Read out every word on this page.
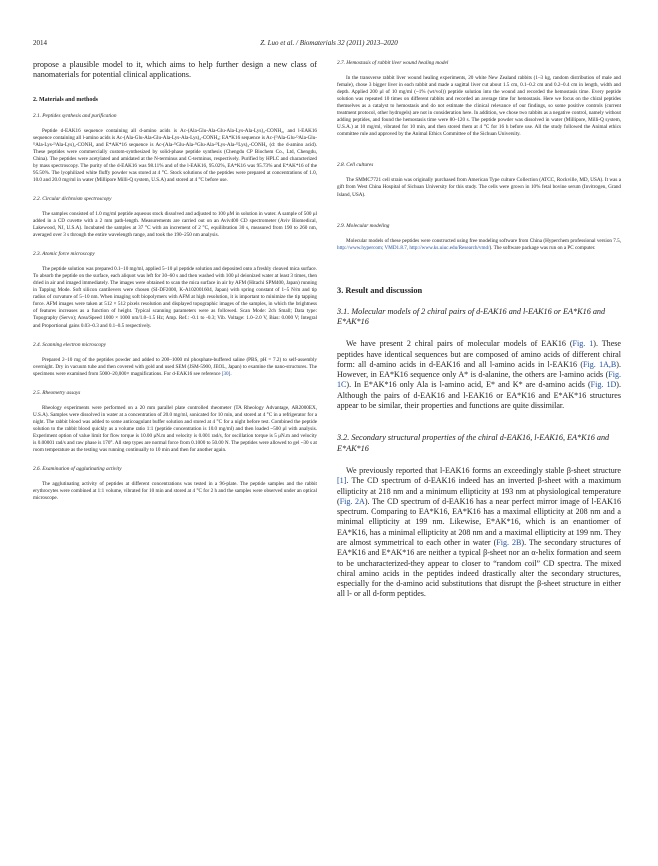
2014	Z. Luo et al. / Biomaterials 32 (2011) 2013–2020

propose a plausible model to it, which aims to help further design a new class of nanomaterials for potential clinical applications.

2. Materials and methods
2.1. Peptides synthesis and purification

Peptide d-EAK16 sequence containing all d-amino acids is Ac-(Ala-Glu-Ala-Glu-Ala-Lys-Ala-Lys)₂-CONH₂, and l-EAK16 sequence containing all l-amino acids is Ac-(Ala-Glu-Ala-Glu-Ala-Lys-Ala-Lys)₂-CONH₂; EA*K16 sequence is Ac-(ᴰAla-Glu-ᴰAla-Glu-ᴰAla-Lys-ᴰAla-Lys)₂-CONH₂ and E*AK*16 sequence is Ac-(Ala-ᴰGlu-Ala-ᴰGlu-Ala-ᴰLys-Ala-ᴰLys)₂-CONH₂ (d: the d-amino acid). These peptides were commercially custom-synthesized by solid-phase peptide synthesis (Chengdu CP Biochem Co., Ltd, Chengdu, China). The peptides were acetylated and amidated at the N-terminus and C-terminus, respectively. Purified by HPLC and characterized by mass spectroscopy. The purity of the d-EAK16 was 98.11% and of the l-EAK16, 95.02%, EA*K16 was 95.73% and E*AK*16 of the 95.50%. The lyophilized white fluffy powder was stored at 4 °C. Stock solutions of the peptides were prepared at concentrations of 1.0, 10.0 and 20.0 mg/ml in water (Millipore Milli-Q system, U.S.A) and stored at 4 °C before use.

2.2. Circular dichroism spectroscopy

The samples consisted of 1.0 mg/ml peptide aqueous stock dissolved and adjusted to 100 μM in solution in water. A sample of 500 μl added in a CD cuvette with a 2 mm path-length. Measurements are carried out on an Aviv400 CD spectrometer (Aviv Biomedical, Lakewood, NJ, U.S.A). Incubated the samples at 37 °C with an increment of 2 °C, equilibration 30 s, measured from 190 to 260 nm, averaged over 3 s through the entire wavelength range, and took the 190–250 nm analysis.

2.3. Atomic force microscopy

The peptide solution was prepared 0.1–10 mg/ml, applied 5–10 μl peptide solution and deposited onto a freshly cleaved mica surface. To absorb the peptide on the surface, each aliquot was left for 30–60 s and then washed with 100 μl deionized water at least 3 times, then dried in air and imaged immediately. The images were obtained to scan the mica surface in air by AFM (Hitachi SPM400, Japan) running in Tapping Mode. Soft silicon cantilevers were chosen (SI-DF2000, K-A102001604, Japan) with spring constant of 1–5 N/m and tip radius of curvature of 5–10 nm. When imaging soft biopolymers with AFM at high resolution, it is important to minimize the tip tapping force. AFM images were taken at 512 × 512 pixels resolution and displayed topographic images of the samples, in which the brightness of features increases as a function of height. Typical scanning parameters were as followed. Scan Mode: 2ch Small; Data type: Topography (Servo); Area/Speed 1000 × 1000 nm/1.0–1.5 Hz; Amp. Ref.: -0.1 to -0.3; Vib. Voltage: 1.0–2.0 V, Bias: 0.000 V; Integral and Proportional gains 0.03–0.3 and 0.1–0.5 respectively.

2.4. Scanning electron microscopy

Prepared 2–10 mg of the peptides powder and added to 200–1000 ml phosphate-buffered saline (PBS, pH = 7.2) to self-assembly overnight. Dry in vacuum tube and then covered with gold and used SEM (JSM-5900, JEOL, Japan) to examine the nano-structures. The specimens were examined from 5000–20,000× magnifications. For d-EAK16 see reference [30].

2.5. Rheometry assays

Rheology experiments were performed on a 20 mm parallel plate controlled rheometer (TA Rheology Advantage, AR2000EX, U.S.A). Samples were dissolved in water at a concentration of 20.0 mg/ml, sonicated for 10 min, and stored at 4 °C in a refrigerator for a night. The rabbit blood was added to some anticoagulant buffer solution and stored at 4 °C for a night before test. Combined the peptide solution to the rabbit blood quickly as a volume ratio 1:1 (peptide concentration is 10.0 mg/ml) and then loaded ~500 μl with analysis. Experiment option of value limit for flow torque is 10.00 μN.m and velocity is 0.001 rad/s, for oscillation torque is 5 μN.m and velocity is 0.00001 rad/s and raw phase is 170°. All step types are normal force from 0.1000 to 50.00 N. The peptides were allowed to gel ~30 s at room temperature as the testing was running continually to 10 min and then for another again.

2.6. Examination of agglutinating activity

The agglutinating activity of peptides at different concentrations was tested in a 96-plate. The peptide samples and the rabbit erythrocytes were combined at 1:1 volume, vibrated for 10 min and stored at 4 °C for 2 h and the samples were observed under an optical microscope.

2.7. Hemostasis of rabbit liver wound healing model

In the transverse rabbit liver wound healing experiments, 20 white New Zealand rabbits (1–3 kg, random distribution of male and female), chose 3 bigger liver in each rabbit and made a sagittal liver cut about 1.5 cm, 0.1–0.2 cm and 0.2–0.4 cm in length, width and depth. Applied 200 μl of 10 mg/ml (~1% (wt/vol)) peptide solution into the wound and recorded the hemostasis time. Every peptide solution was repeated 10 times on different rabbits and recorded an average time for hemostasis. Here we focus on the chiral peptides themselves as a catalyst to hemostasis and do not estimate the clinical relevance of our findings, so some positive controls (current treatment protocol, other hydrogels) are not in consideration here. In addition, we chose two rabbits as a negative control, namely without adding peptides, and found the hemostasis time were 80–120 s. The peptide powder was dissolved in water (Millipore, Milli-Q system, U.S.A.) at 10 mg/ml, vibrated for 10 min, and then stored them at 4 °C for 16 h before use. All the study followed the Animal ethics committee rule and approved by the Animal Ethics Committee of the Sichuan University.

2.8. Cell cultures

The SMMC7721 cell strain was originally purchased from American Type culture Collection (ATCC, Rockville, MD, USA). It was a gift from West China Hospital of Sichuan University for this study. The cells were grown in 10% fetal bovine serum (Invitrogen, Grand Island, USA).

2.9. Molecular modeling

Molecular models of these peptides were constructed using free modeling software from China (Hyperchem professional version 7.5, http://www.hypercom; VMD1.8.7, http://www.ks.uiuc.edu/Research/vmd/). The software package was run on a PC computer.

3. Result and discussion
3.1. Molecular models of 2 chiral pairs of d-EAK16 and l-EAK16 or EA*K16 and E*AK*16

We have present 2 chiral pairs of molecular models of EAK16 (Fig. 1). These peptides have identical sequences but are composed of amino acids of different chiral form: all d-amino acids in d-EAK16 and all l-amino acids in l-EAK16 (Fig. 1A,B). However, in EA*K16 sequence only A* is d-alanine, the others are l-amino acids (Fig. 1C). In E*AK*16 only Ala is l-amino acid, E* and K* are d-amino acids (Fig. 1D). Although the pairs of d-EAK16 and l-EAK16 or EA*K16 and E*AK*16 structures appear to be similar, their properties and functions are quite dissimilar.

3.2. Secondary structural properties of the chiral d-EAK16, l-EAK16, EA*K16 and E*AK*16

We previously reported that l-EAK16 forms an exceedingly stable β-sheet structure [1]. The CD spectrum of d-EAK16 indeed has an inverted β-sheet with a maximum ellipticity at 218 nm and a minimum ellipticity at 193 nm at physiological temperature (Fig. 2A). The CD spectrum of d-EAK16 has a near perfect mirror image of l-EAK16 spectrum. Comparing to EA*K16, EA*K16 has a maximal ellipticity at 208 nm and a minimal ellipticity at 199 nm. Likewise, E*AK*16, which is an enantiomer of EA*K16, has a minimal ellipticity at 208 nm and a maximal ellipticity at 199 nm. They are almost symmetrical to each other in water (Fig. 2B). The secondary structures of EA*K16 and E*AK*16 are neither a typical β-sheet nor an α-helix formation and seem to be uncharacterized-they appear to closer to “random coil” CD spectra. The mixed chiral amino acids in the peptides indeed drastically alter the secondary structures, especially for the d-amino acid substitutions that disrupt the β-sheet structure in either all l- or all d-form peptides.
